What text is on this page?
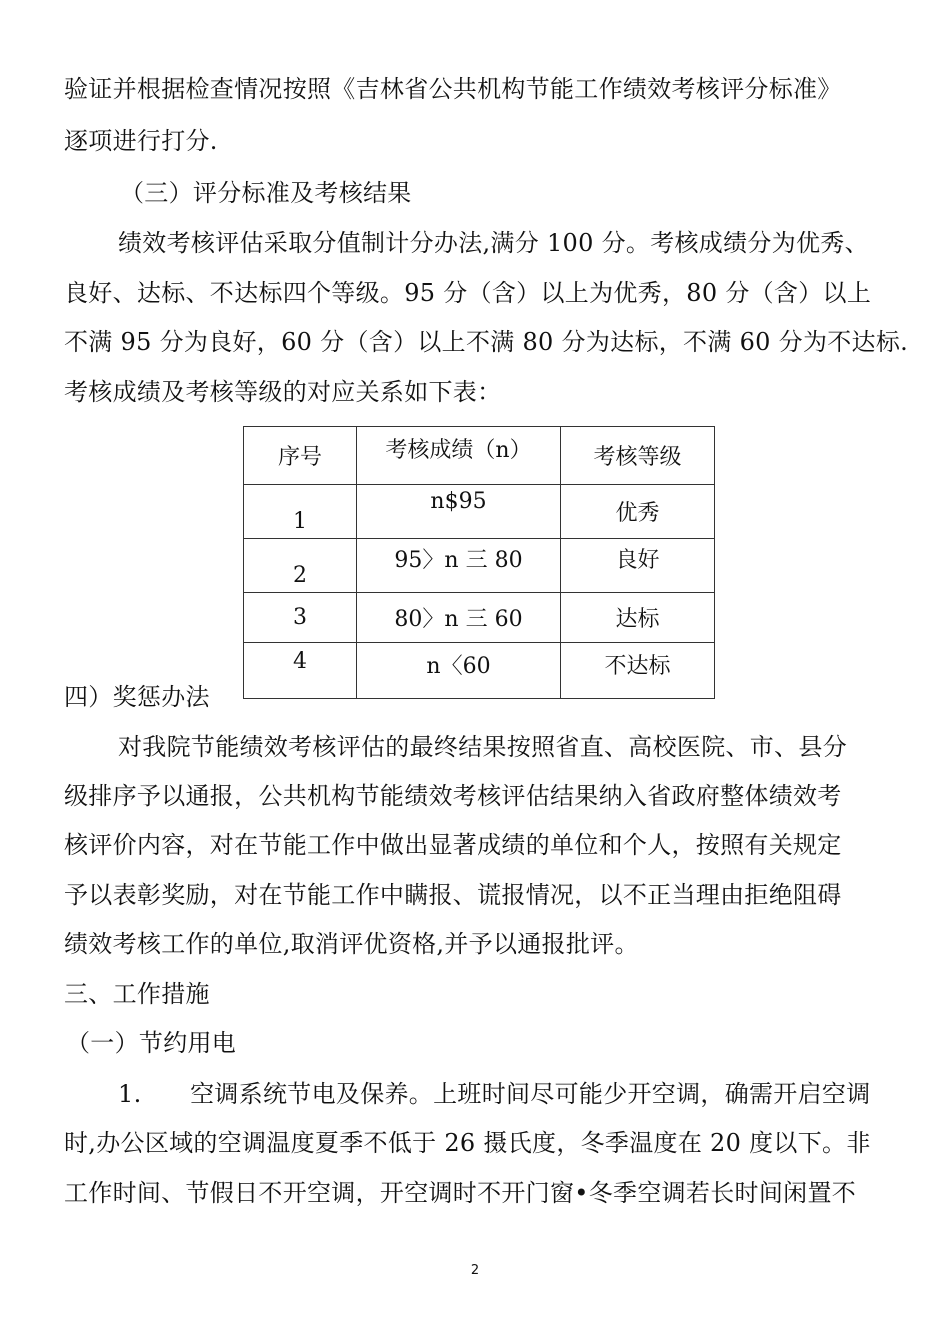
验证并根据检查情况按照《吉林省公共机构节能工作绩效考核评分标准》
逐项进行打分.
（三）评分标准及考核结果
绩效考核评估采取分值制计分办法,满分 100 分。考核成绩分为优秀、
良好、达标、不达标四个等级。95 分（含）以上为优秀，80 分（含）以上
不满 95 分为良好，60 分（含）以上不满 80 分为达标，不满 60 分为不达标.
考核成绩及考核等级的对应关系如下表：
序号	考核成绩（n）	考核等级
1	n$95	优秀
2	95〉n 三 80	良好
3	80〉n 三 60	达标
4	n〈60	不达标
四）奖惩办法
对我院节能绩效考核评估的最终结果按照省直、高校医院、市、县分
级排序予以通报，公共机构节能绩效考核评估结果纳入省政府整体绩效考
核评价内容，对在节能工作中做出显著成绩的单位和个人，按照有关规定
予以表彰奖励，对在节能工作中瞒报、谎报情况，以不正当理由拒绝阻碍
绩效考核工作的单位,取消评优资格,并予以通报批评。
三、工作措施
（一）节约用电
1.　　空调系统节电及保养。上班时间尽可能少开空调，确需开启空调
时,办公区域的空调温度夏季不低于 26 摄氏度，冬季温度在 20 度以下。非
工作时间、节假日不开空调，开空调时不开门窗•冬季空调若长时间闲置不
2
